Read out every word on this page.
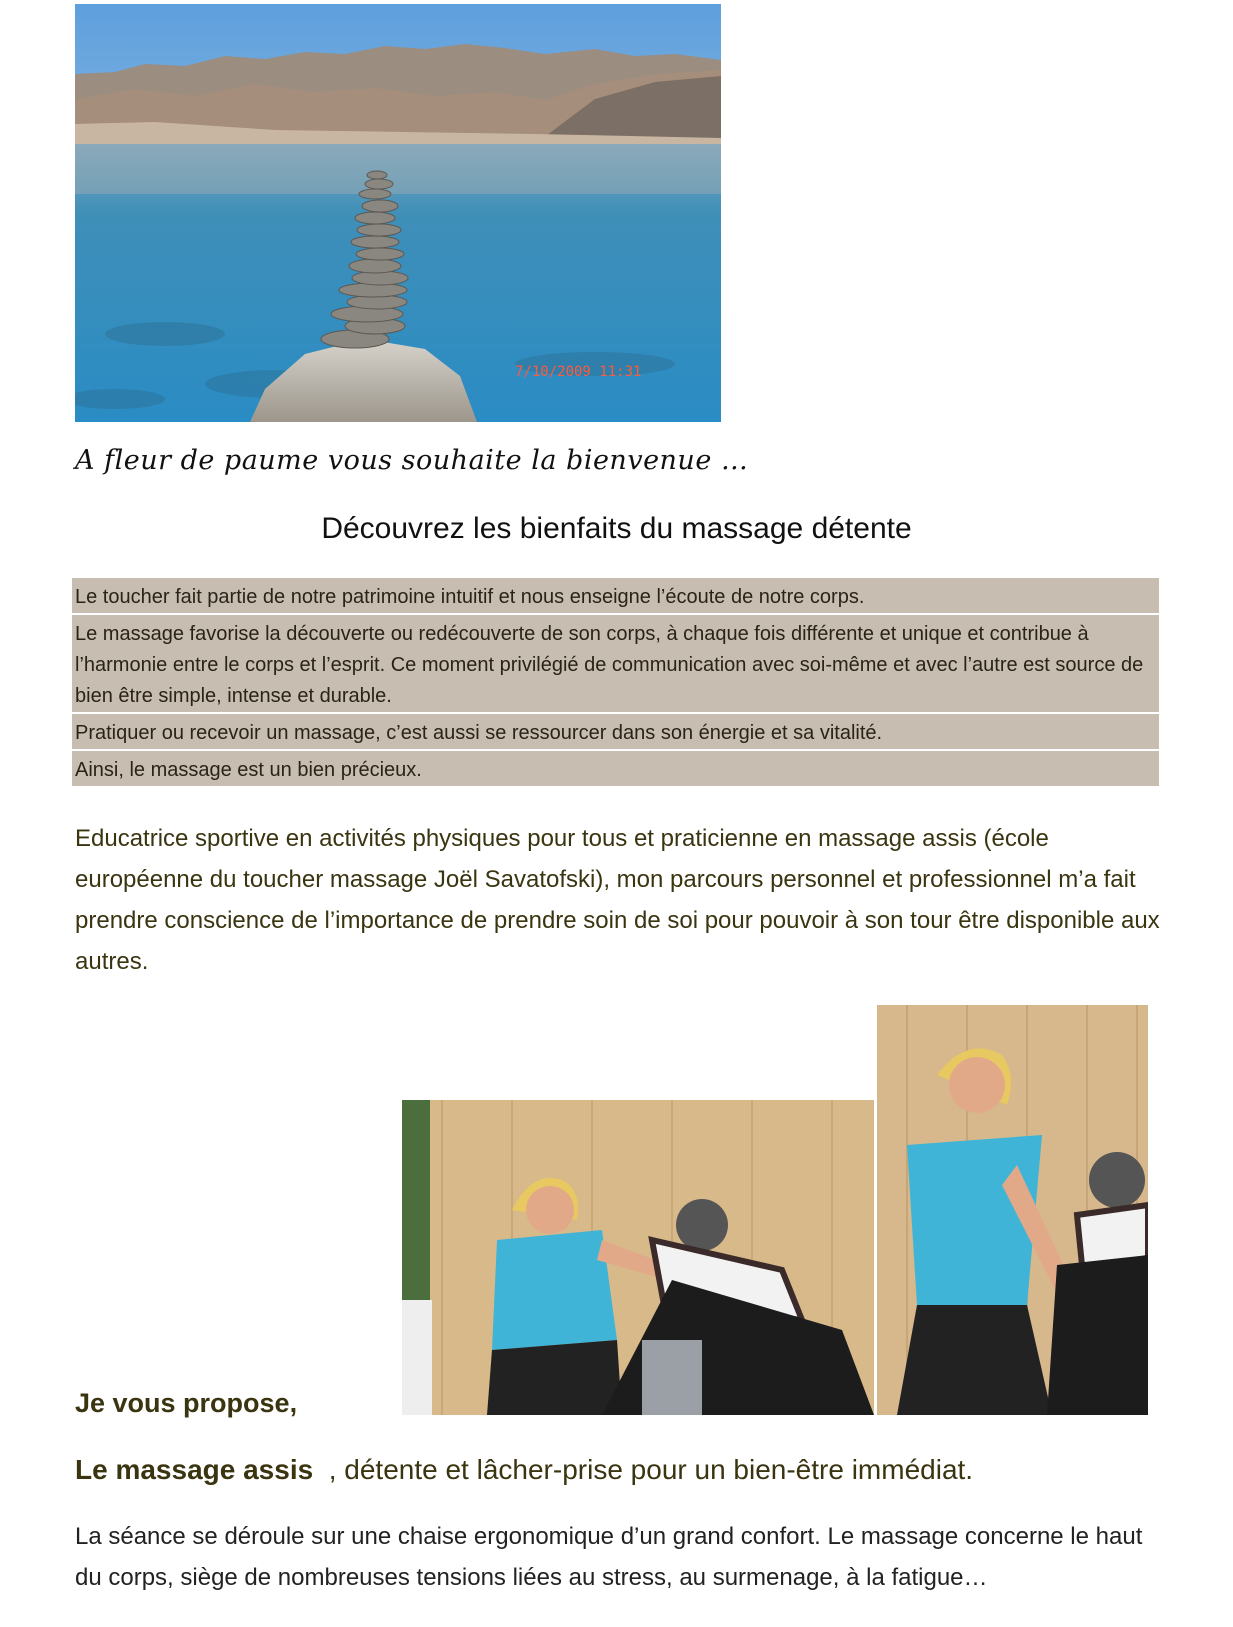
7/10/2009 11:31
A fleur de paume vous souhaite la bienvenue …
Découvrez les bienfaits du massage détente

Le toucher fait partie de notre patrimoine intuitif et nous enseigne l’écoute de notre corps.

Le massage favorise la découverte ou redécouverte de son corps, à chaque fois différente et unique et contribue à l’harmonie entre le corps et l’esprit. Ce moment privilégié de communication avec soi-même et avec l’autre est source de bien être simple, intense et durable.

Pratiquer ou recevoir un massage, c’est aussi se ressourcer dans son énergie et sa vitalité.

Ainsi, le massage est un bien précieux.

Educatrice sportive en activités physiques pour tous et praticienne en massage assis (école européenne du toucher massage Joël Savatofski), mon parcours personnel et professionnel m’a fait prendre conscience de l’importance de prendre soin de soi pour pouvoir à son tour être disponible aux autres.
Je vous propose,
Le massage assis  , détente et lâcher-prise pour un bien-être immédiat.
La séance se déroule sur une chaise ergonomique d’un grand confort. Le massage concerne le haut du corps, siège de nombreuses tensions liées au stress, au surmenage, à la fatigue…
